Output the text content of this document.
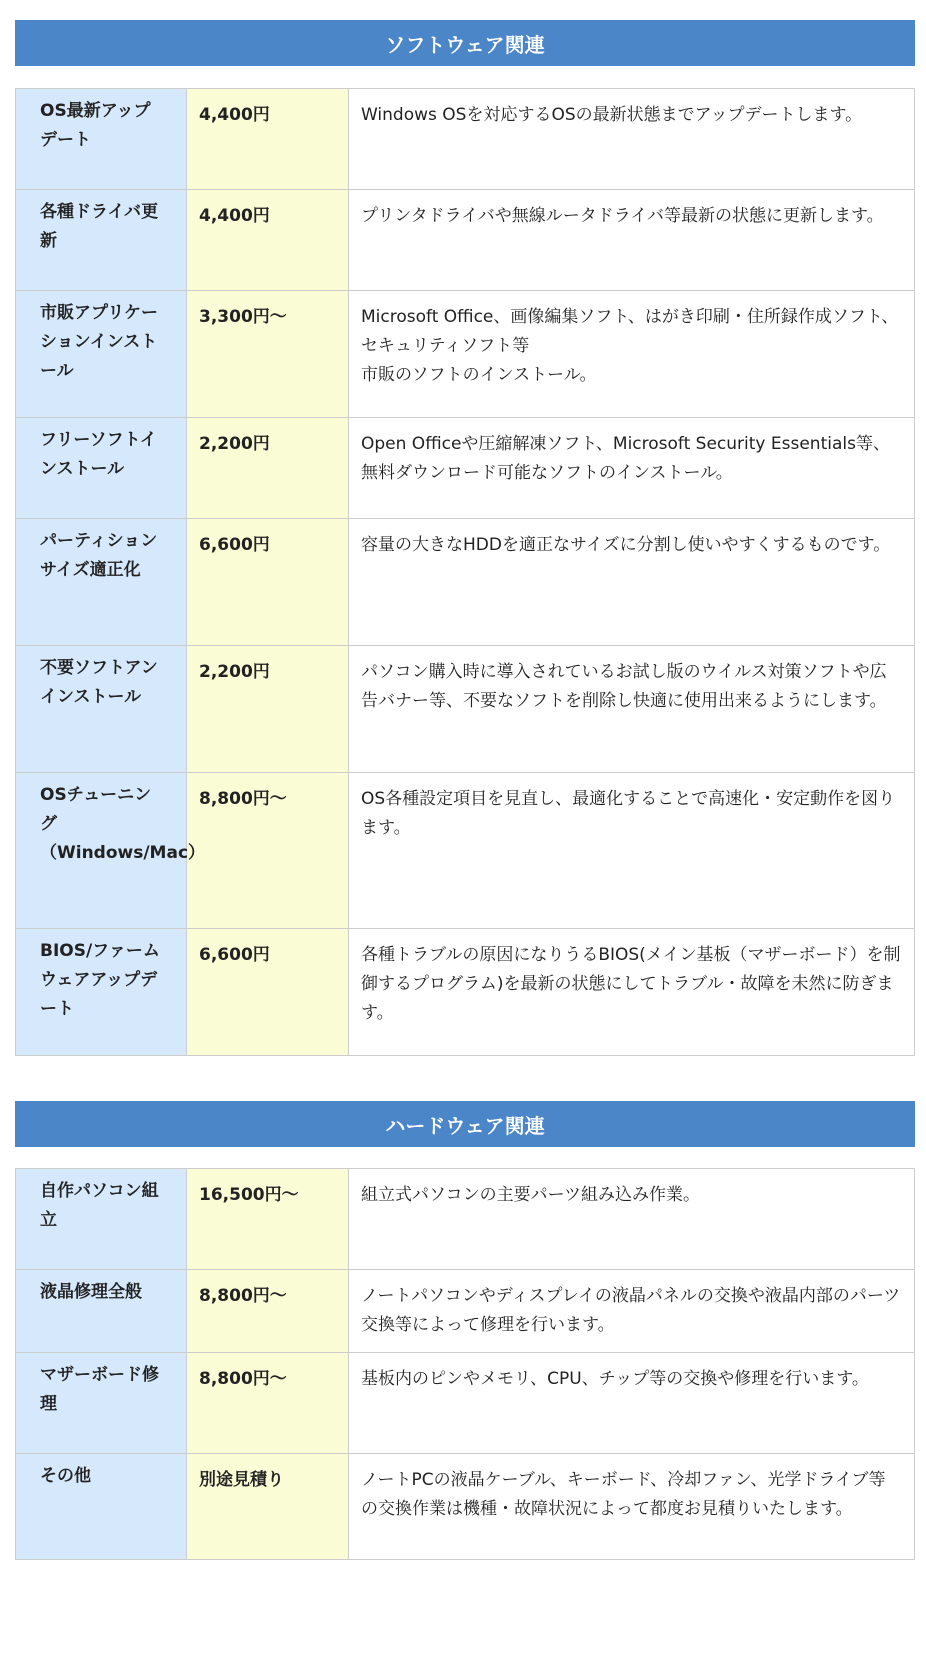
ソフトウェア関連
OS最新アップデート	4,400円	Windows OSを対応するOSの最新状態までアップデートします。
各種ドライバ更新	4,400円	プリンタドライバや無線ルータドライバ等最新の状態に更新します。
市販アプリケーションインストール	3,300円〜	Microsoft Office、画像編集ソフト、はがき印刷・住所録作成ソフト、セキュリティソフト等
市販のソフトのインストール。
フリーソフトインストール	2,200円	Open Officeや圧縮解凍ソフト、Microsoft Security Essentials等、無料ダウンロード可能なソフトのインストール。
パーティションサイズ適正化	6,600円	容量の大きなHDDを適正なサイズに分割し使いやすくするものです。
不要ソフトアンインストール	2,200円	パソコン購入時に導入されているお試し版のウイルス対策ソフトや広告バナー等、不要なソフトを削除し快適に使用出来るようにします。
OSチューニング（Windows/Mac）	8,800円〜	OS各種設定項目を見直し、最適化することで高速化・安定動作を図ります。
BIOS/ファームウェアアップデート	6,600円	各種トラブルの原因になりうるBIOS(メイン基板（マザーボード）を制御するプログラム)を最新の状態にしてトラブル・故障を未然に防ぎます。
ハードウェア関連
自作パソコン組立	16,500円〜	組立式パソコンの主要パーツ組み込み作業。
液晶修理全般	8,800円〜	ノートパソコンやディスプレイの液晶パネルの交換や液晶内部のパーツ交換等によって修理を行います。
マザーボード修理	8,800円〜	基板内のピンやメモリ、CPU、チップ等の交換や修理を行います。
その他	別途見積り	ノートPCの液晶ケーブル、キーボード、冷却ファン、光学ドライブ等の交換作業は機種・故障状況によって都度お見積りいたします。
